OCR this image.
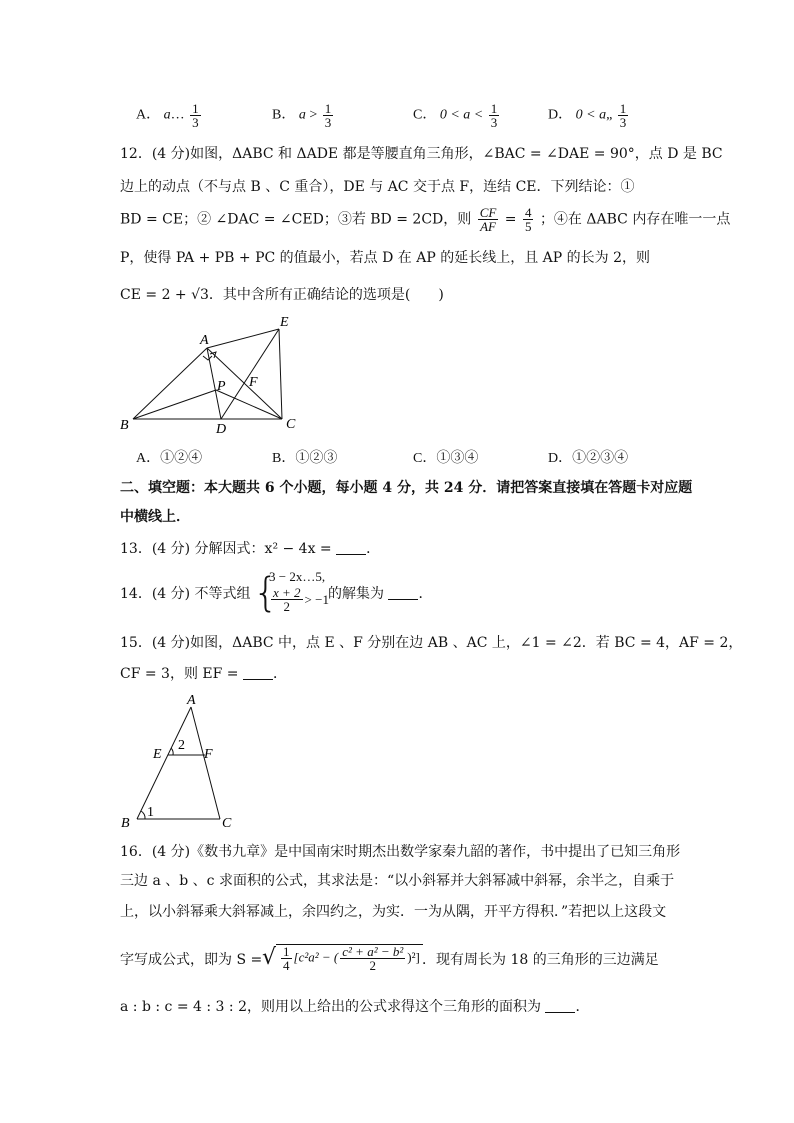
A． a… $\frac{1}{3}$	B． $a > \frac{1}{3}$	C． $0 < a < \frac{1}{3}$	D． 0 < a„ $\frac{1}{3}$
12．(4 分)如图，ΔABC 和 ΔADE 都是等腰直角三角形，∠BAC = ∠DAE = 90°，点 D 是 BC
边上的动点（不与点 B 、C 重合），DE 与 AC 交于点 F，连结 CE．下列结论：①
BD = CE；② ∠DAC = ∠CED；③若 BD = 2CD，则 $\frac{CF}{AF} = \frac{4}{5}$ ；④在 ΔABC 内存在唯一一点
P，使得 PA + PB + PC 的值最小，若点 D 在 AP 的延长线上，且 AP 的长为 2，则
CE = 2 + √3．其中含所有正确结论的选项是(　　)
A
E
B	D	C
F
P
A．①②④	B．①②③	C．①③④	D．①②③④
二、填空题：本大题共 6 个小题，每小题 4 分，共 24 分．请把答案直接填在答题卡对应题
中横线上．
13．(4 分) 分解因式：x² − 4x = ．
14．(4 分) 不等式组 {
3 − 2x…5,
$\frac{x + 2}{2} > -1$ 的解集为 ．
15．(4 分)如图，ΔABC 中，点 E 、F 分别在边 AB 、AC 上，∠1 = ∠2．若 BC = 4，AF = 2，
CF = 3，则 EF = ．
A
E	F
B	C
1
2
16．(4 分)《数书九章》是中国南宋时期杰出数学家秦九韶的著作，书中提出了已知三角形
三边 a 、b 、c 求面积的公式，其求法是：“以小斜幂并大斜幂减中斜幂，余半之，自乘于
上，以小斜幂乘大斜幂减上，余四约之，为实．一为从隅，开平方得积．”若把以上这段文
字写成公式，即为 S = √ $\frac{1}{4} [c^2a^2$ − ( $\frac{\text{c² + a² − b²}}{2} )^2$] ．现有周长为 18 的三角形的三边满足
a : b : c = 4 : 3 : 2，则用以上给出的公式求得这个三角形的面积为 ．
